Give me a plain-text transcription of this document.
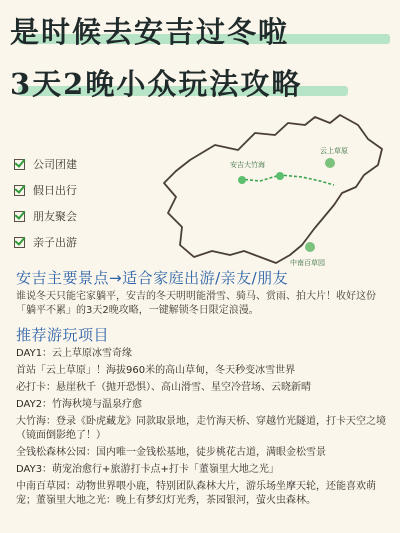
是时候去安吉过冬啦
3天2晚小众玩法攻略
公司团建
假日出行
朋友聚会
亲子出游
云上草原
安吉大竹海
中南百草园
安吉主要景点→适合家庭出游/亲友/朋友
谁说冬天只能宅家躺平，安吉的冬天明明能滑雪、骑马、赏雨、拍大片！收好这份「躺平不累」的3天2晚攻略，一键解锁冬日限定浪漫。
推荐游玩项目
DAY1：云上草原冰雪奇缘
首站「云上草原」！海拔960米的高山草甸，冬天秒变冰雪世界
必打卡：悬崖秋千（抛开恐惧）、高山滑雪、星空冷营场、云晓新晴
DAY2：竹海秋境与温泉疗愈
大竹海：登录《卧虎藏龙》同款取景地，走竹海天桥、穿越竹光隧道，打卡天空之境（镜面倒影绝了！）
全钱松森林公园：国内唯一金钱松基地，徒步桃花古道，满眼金松雪景
DAY3：萌宠治愈行+旅游打卡点+打卡「董嶺里大地之光」
中南百草园：动物世界喂小鹿，特别团队森林大片，游乐场坐摩天轮，还能喜欢萌宠；董嶺里大地之光：晚上有梦幻灯光秀，茶园银河，萤火虫森林。
